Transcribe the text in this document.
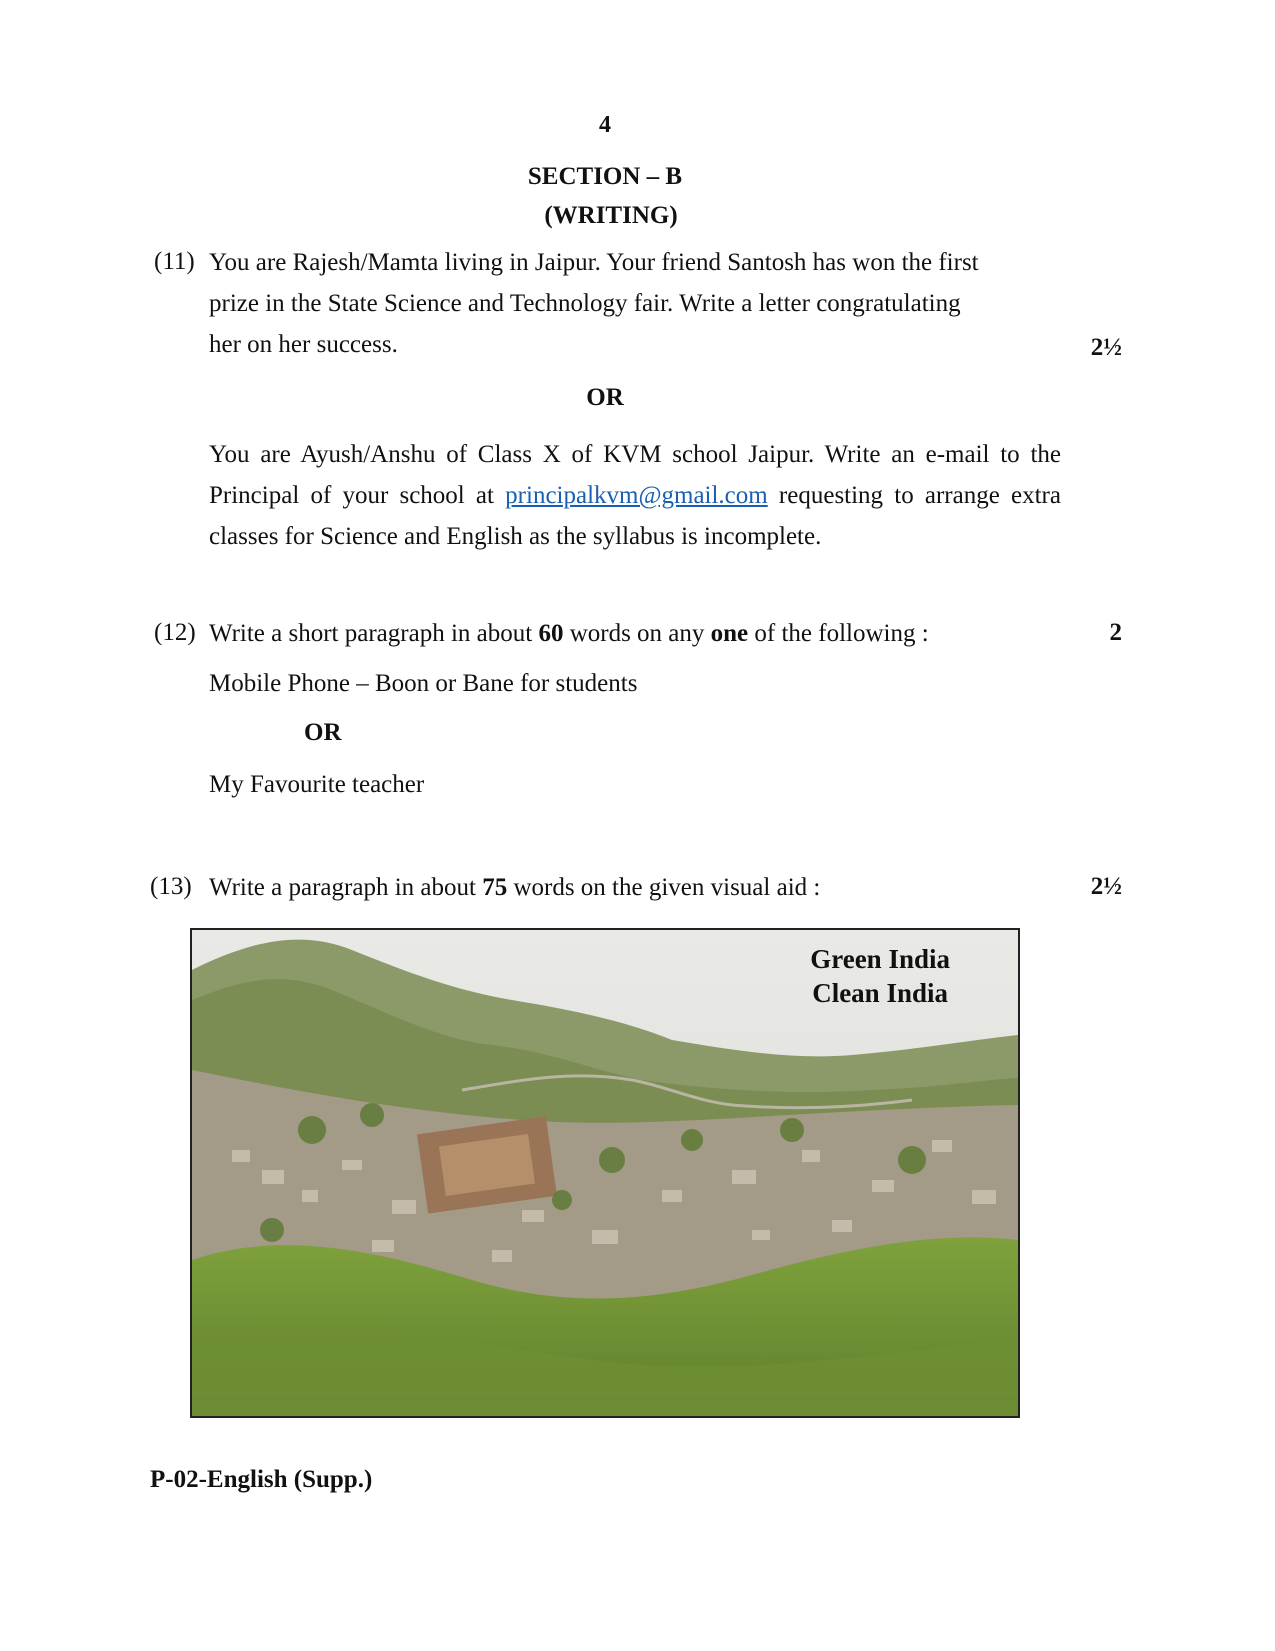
4
SECTION – B
(WRITING)
(11) You are Rajesh/Mamta living in Jaipur. Your friend Santosh has won the first
prize in the State Science and Technology fair. Write a letter congratulating
her on her success.	2½
OR
You are Ayush/Anshu of Class X of KVM school Jaipur. Write an e-mail to the Principal of your school at principalkvm@gmail.com requesting to arrange extra classes for Science and English as the syllabus is incomplete.
(12) Write a short paragraph in about 60 words on any one of the following :	2
Mobile Phone – Boon or Bane for students
OR
My Favourite teacher
(13) Write a paragraph in about 75 words on the given visual aid :	2½
Green India
Clean India
P-02-English (Supp.)
